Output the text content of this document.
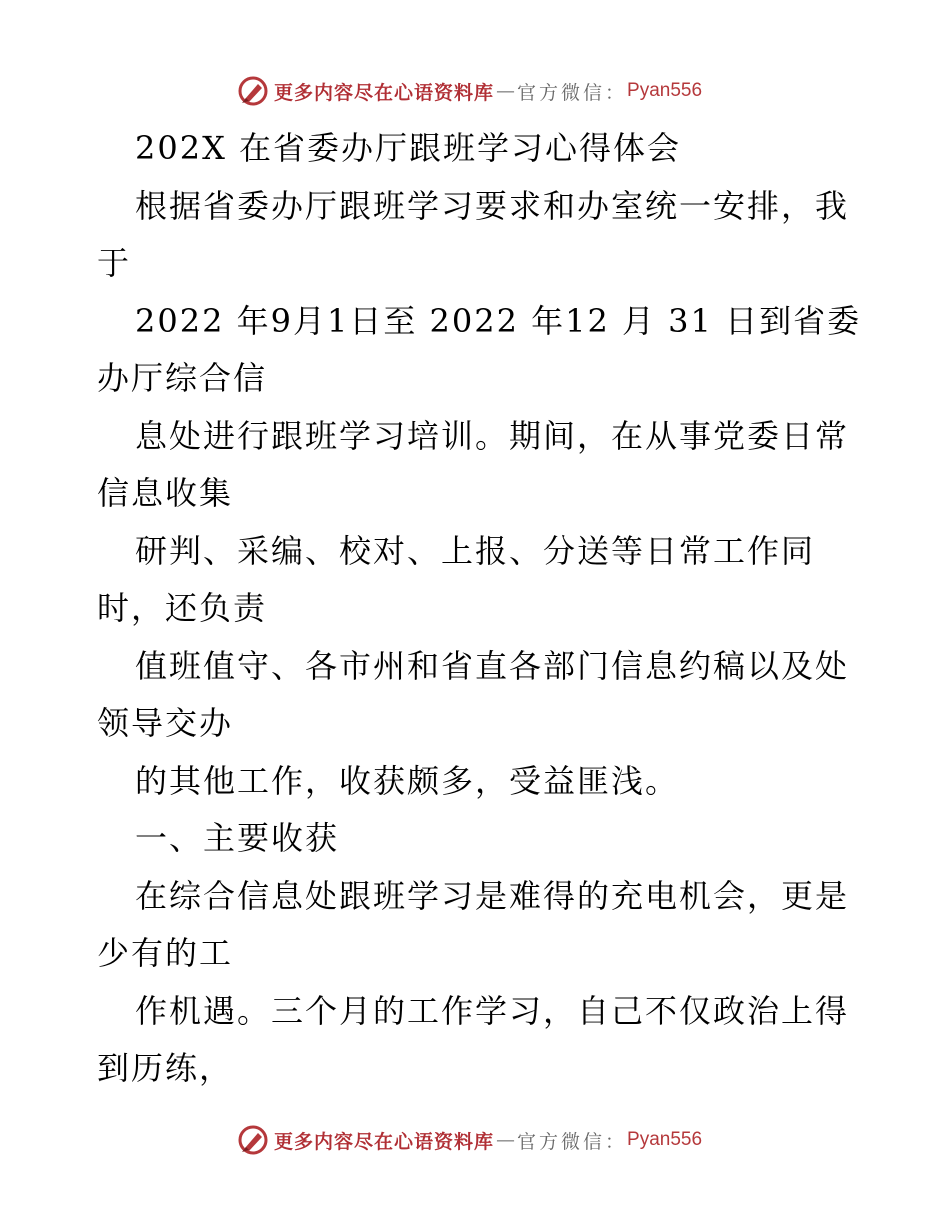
更多内容尽在心语资料库 — 官方微信： Pyan556
202X 在省委办厅跟班学习心得体会
根据省委办厅跟班学习要求和办室统一安排，我
于
2022 年9月1日至 2022 年12 月 31 日到省委
办厅综合信
息处进行跟班学习培训。期间，在从事党委日常
信息收集
研判、采编、校对、上报、分送等日常工作同
时，还负责
值班值守、各市州和省直各部门信息约稿以及处
领导交办
的其他工作，收获颇多，受益匪浅。
一、主要收获
在综合信息处跟班学习是难得的充电机会，更是
少有的工
作机遇。三个月的工作学习，自己不仅政治上得
到历练，
更多内容尽在心语资料库 — 官方微信： Pyan556
